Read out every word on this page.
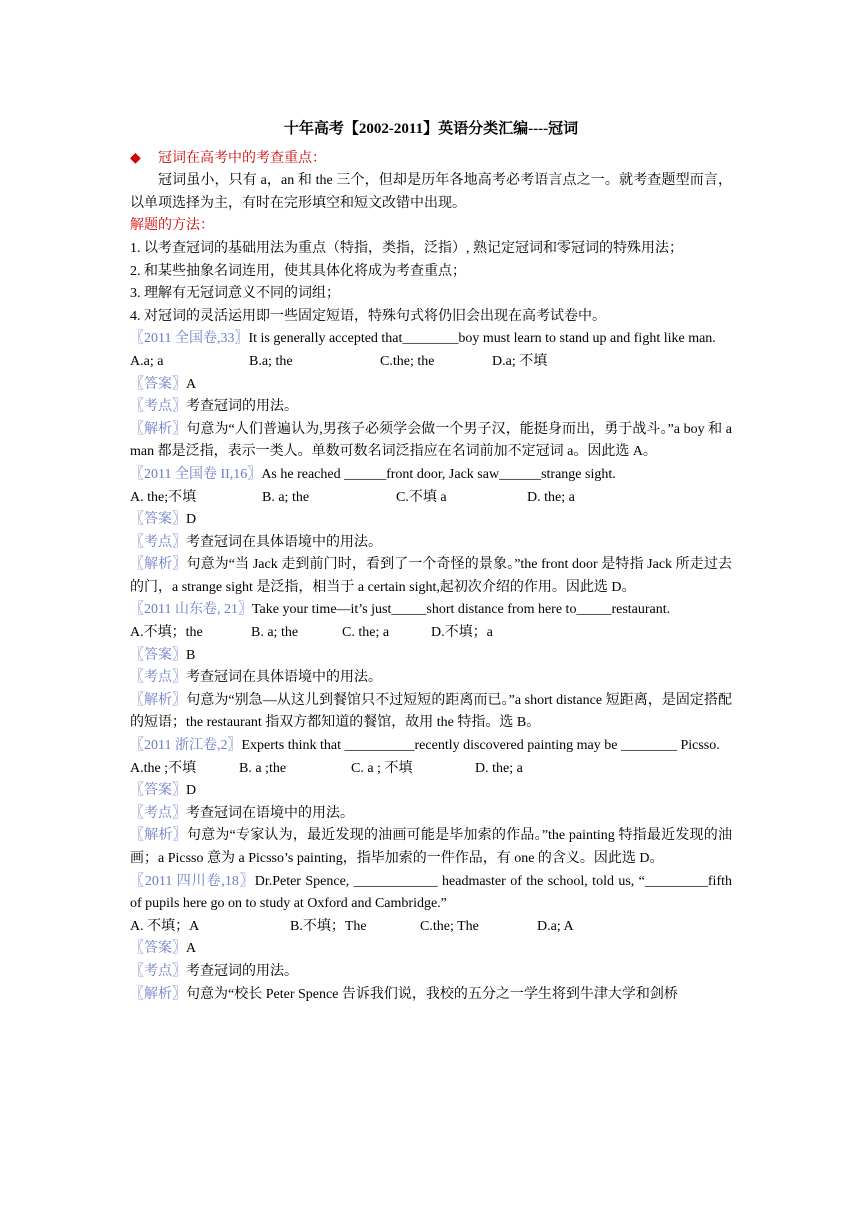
十年高考【2002-2011】英语分类汇编----冠词
◆ 冠词在高考中的考查重点：
冠词虽小，只有 a，an 和 the 三个，但却是历年各地高考必考语言点之一。就考查题型而言，以单项选择为主，有时在完形填空和短文改错中出现。
解题的方法：
1. 以考查冠词的基础用法为重点（特指，类指，泛指）, 熟记定冠词和零冠词的特殊用法；
2. 和某些抽象名词连用，使其具体化将成为考查重点；
3. 理解有无冠词意义不同的词组；
4. 对冠词的灵活运用即一些固定短语，特殊句式将仍旧会出现在高考试卷中。
〖2011 全国卷,33〗It is generally accepted that________boy must learn to stand up and fight like man.
A.a; a	B.a; the	C.the; the	D.a; 不填
〖答案〗A
〖考点〗考查冠词的用法。
〖解析〗句意为“人们普遍认为,男孩子必须学会做一个男子汉，能挺身而出，勇于战斗。”a boy 和 a man 都是泛指，表示一类人。单数可数名词泛指应在名词前加不定冠词 a。因此选 A。
〖2011 全国卷 II,16〗As he reached ______front door, Jack saw______strange sight.
A. the;不填	B. a; the	C.不填 a	D. the; a
〖答案〗D
〖考点〗考查冠词在具体语境中的用法。
〖解析〗句意为“当 Jack 走到前门时，看到了一个奇怪的景象。”the front door 是特指 Jack 所走过去的门，a strange sight 是泛指，相当于 a certain sight,起初次介绍的作用。因此选 D。
〖2011 山东卷, 21〗Take your time—it’s just_____short distance from here to_____restaurant.
A.不填；the	B. a; the	C. the; a	D.不填；a
〖答案〗B
〖考点〗考查冠词在具体语境中的用法。
〖解析〗句意为“别急—从这儿到餐馆只不过短短的距离而已。”a short distance 短距离，是固定搭配的短语；the restaurant 指双方都知道的餐馆，故用 the 特指。选 B。
〖2011 浙江卷,2〗Experts think that __________recently discovered painting may be ________ Picsso.
A.the ;不填	B. a ;the	C. a ; 不填	D. the; a
〖答案〗D
〖考点〗考查冠词在语境中的用法。
〖解析〗句意为“专家认为，最近发现的油画可能是毕加索的作品。”the painting 特指最近发现的油画；a Picsso 意为 a Picsso’s painting，指毕加索的一件作品，有 one 的含义。因此选 D。
〖2011 四川卷,18〗Dr.Peter Spence, ____________ headmaster of the school, told us, “_________fifth of pupils here go on to study at Oxford and Cambridge.”
A. 不填；A	B.不填；The	C.the; The	D.a; A
〖答案〗A
〖考点〗考查冠词的用法。
〖解析〗句意为“校长 Peter Spence 告诉我们说，我校的五分之一学生将到牛津大学和剑桥
